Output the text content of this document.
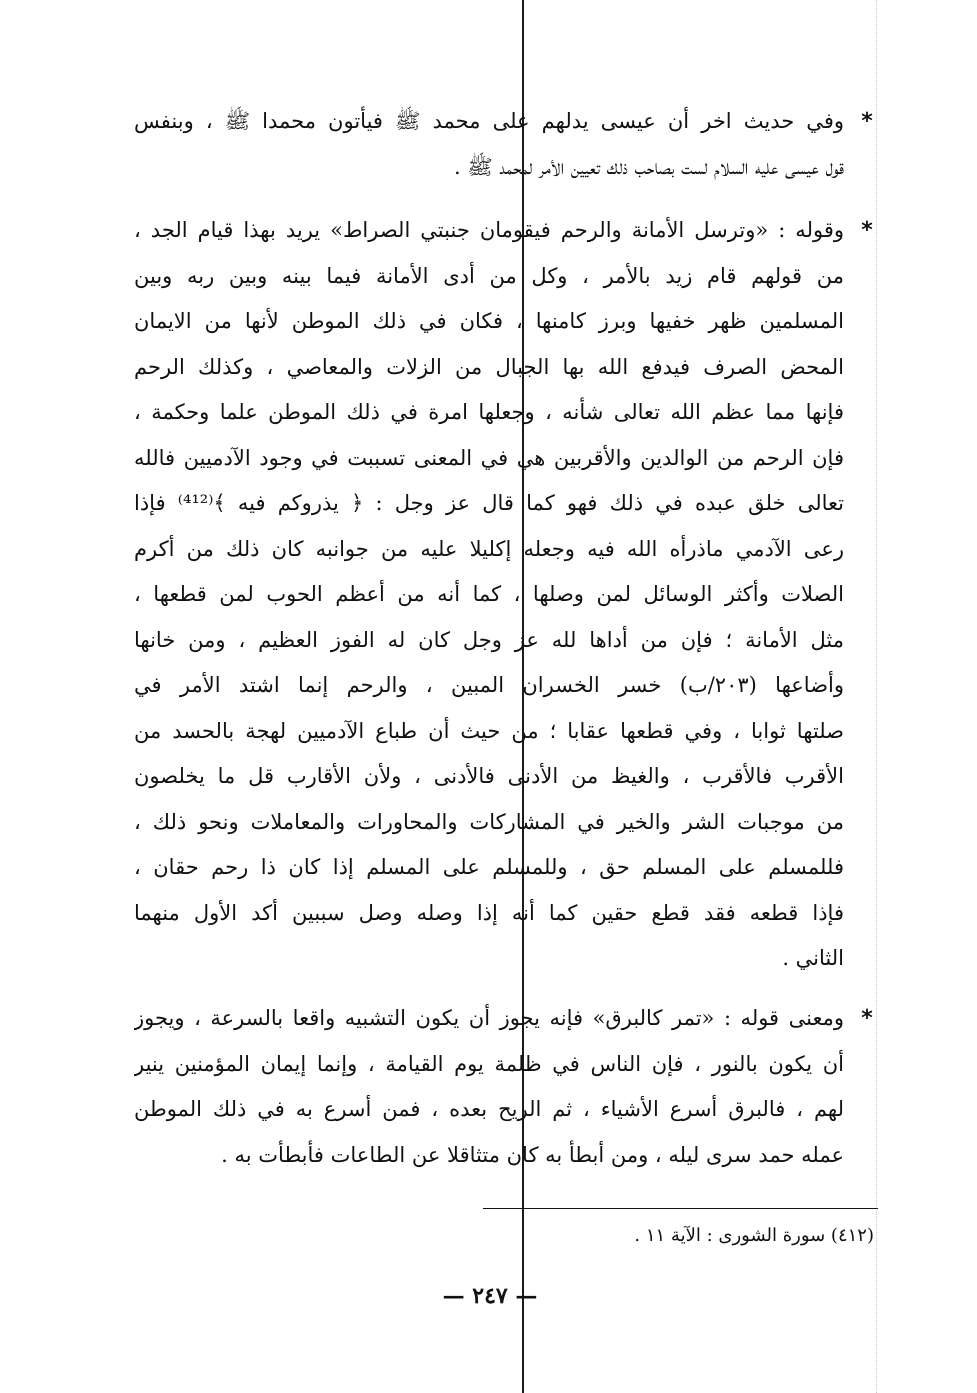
*
وفي حديث اخر أن عيسى يدلهم على محمد ﷺ فيأتون محمدا ﷺ ، وبنفس
قول عيسى عليه السلام لست بصاحب ذلك تعيين الأمر لمحمد ﷺ .
*
وقوله : «وترسل الأمانة والرحم فيقومان جنبتي الصراط» يريد بهذا قيام الجد ،
من قولهم قام زيد بالأمر ، وكل من أدى الأمانة فيما بينه وبين ربه وبين
المسلمين ظهر خفيها وبرز كامنها ، فكان في ذلك الموطن لأنها من الايمان
المحض الصرف فيدفع الله بها الجبال من الزلات والمعاصي ، وكذلك الرحم
فإنها مما عظم الله تعالى شأنه ، وجعلها امرة في ذلك الموطن علما وحكمة ،
فإن الرحم من الوالدين والأقربين هي في المعنى تسببت في وجود الآدميين فالله
تعالى خلق عبده في ذلك فهو كما قال عز وجل : ﴿ يذروكم فيه ﴾⁽⁴¹²⁾ فإذا
رعى الآدمي ماذرأه الله فيه وجعله إكليلا عليه من جوانبه كان ذلك من أكرم
الصلات وأكثر الوسائل لمن وصلها ، كما أنه من أعظم الحوب لمن قطعها ،
مثل الأمانة ؛ فإن من أداها لله عز وجل كان له الفوز العظيم ، ومن خانها
وأضاعها (٢٠٣/ب) خسر الخسران المبين ، والرحم إنما اشتد الأمر في
صلتها ثوابا ، وفي قطعها عقابا ؛ من حيث أن طباع الآدميين لهجة بالحسد من
الأقرب فالأقرب ، والغيظ من الأدنى فالأدنى ، ولأن الأقارب قل ما يخلصون
من موجبات الشر والخير في المشاركات والمحاورات والمعاملات ونحو ذلك ،
فللمسلم على المسلم حق ، وللمسلم على المسلم إذا كان ذا رحم حقان ،
فإذا قطعه فقد قطع حقين كما أنه إذا وصله وصل سببين أكد الأول منهما
الثاني .
*
ومعنى قوله : «تمر كالبرق» فإنه يجوز أن يكون التشبيه واقعا بالسرعة ، ويجوز
أن يكون بالنور ، فإن الناس في ظلمة يوم القيامة ، وإنما إيمان المؤمنين ينير
لهم ، فالبرق أسرع الأشياء ، ثم الريح بعده ، فمن أسرع به في ذلك الموطن
عمله حمد سرى ليله ، ومن أبطأ به كان متثاقلا عن الطاعات فأبطأت به .
(٤١٢) سورة الشورى : الآية ١١ .
— ٢٤٧ —
